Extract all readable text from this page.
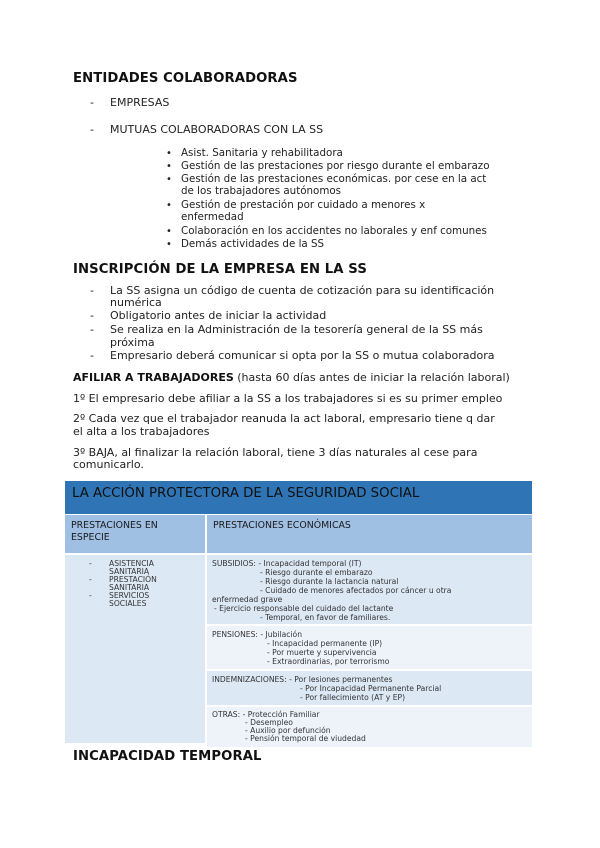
ENTIDADES COLABORADORAS
- EMPRESAS
- MUTUAS COLABORADORAS CON LA SS
• Asist. Sanitaria y rehabilitadora
• Gestión de las prestaciones por riesgo durante el embarazo
• Gestión de las prestaciones económicas. por cese en la act
de los trabajadores autónomos
• Gestión de prestación por cuidado a menores x
enfermedad
• Colaboración en los accidentes no laborales y enf comunes
• Demás actividades de la SS
INSCRIPCIÓN DE LA EMPRESA EN LA SS
- La SS asigna un código de cuenta de cotización para su identificación
numérica
- Obligatorio antes de iniciar la actividad
- Se realiza en la Administración de la tesorería general de la SS más
próxima
- Empresario deberá comunicar si opta por la SS o mutua colaboradora
AFILIAR A TRABAJADORES (hasta 60 días antes de iniciar la relación laboral)
1º El empresario debe afiliar a la SS a los trabajadores si es su primer empleo
2º Cada vez que el trabajador reanuda la act laboral, empresario tiene q dar
el alta a los trabajadores
3º BAJA, al finalizar la relación laboral, tiene 3 días naturales al cese para
comunicarlo.
LA ACCIÓN PROTECTORA DE LA SEGURIDAD SOCIAL
PRESTACIONES EN ESPECIE
PRESTACIONES ECONÓMICAS
- ASISTENCIA
SANITARIA
- PRESTACIÓN
SANITARIA
- SERVICIOS
SOCIALES
SUBSIDIOS: - Incapacidad temporal (IT)
- Riesgo durante el embarazo
- Riesgo durante la lactancia natural
- Cuidado de menores afectados por cáncer u otra
enfermedad grave
- Ejercicio responsable del cuidado del lactante
- Temporal, en favor de familiares.
PENSIONES: - Jubilación
- Incapacidad permanente (IP)
- Por muerte y supervivencia
- Extraordinarias, por terrorismo
INDEMNIZACIONES: - Por lesiones permanentes
- Por Incapacidad Permanente Parcial
- Por fallecimiento (AT y EP)
OTRAS: - Protección Familiar
- Desempleo
- Auxilio por defunción
- Pensión temporal de viudedad
INCAPACIDAD TEMPORAL
